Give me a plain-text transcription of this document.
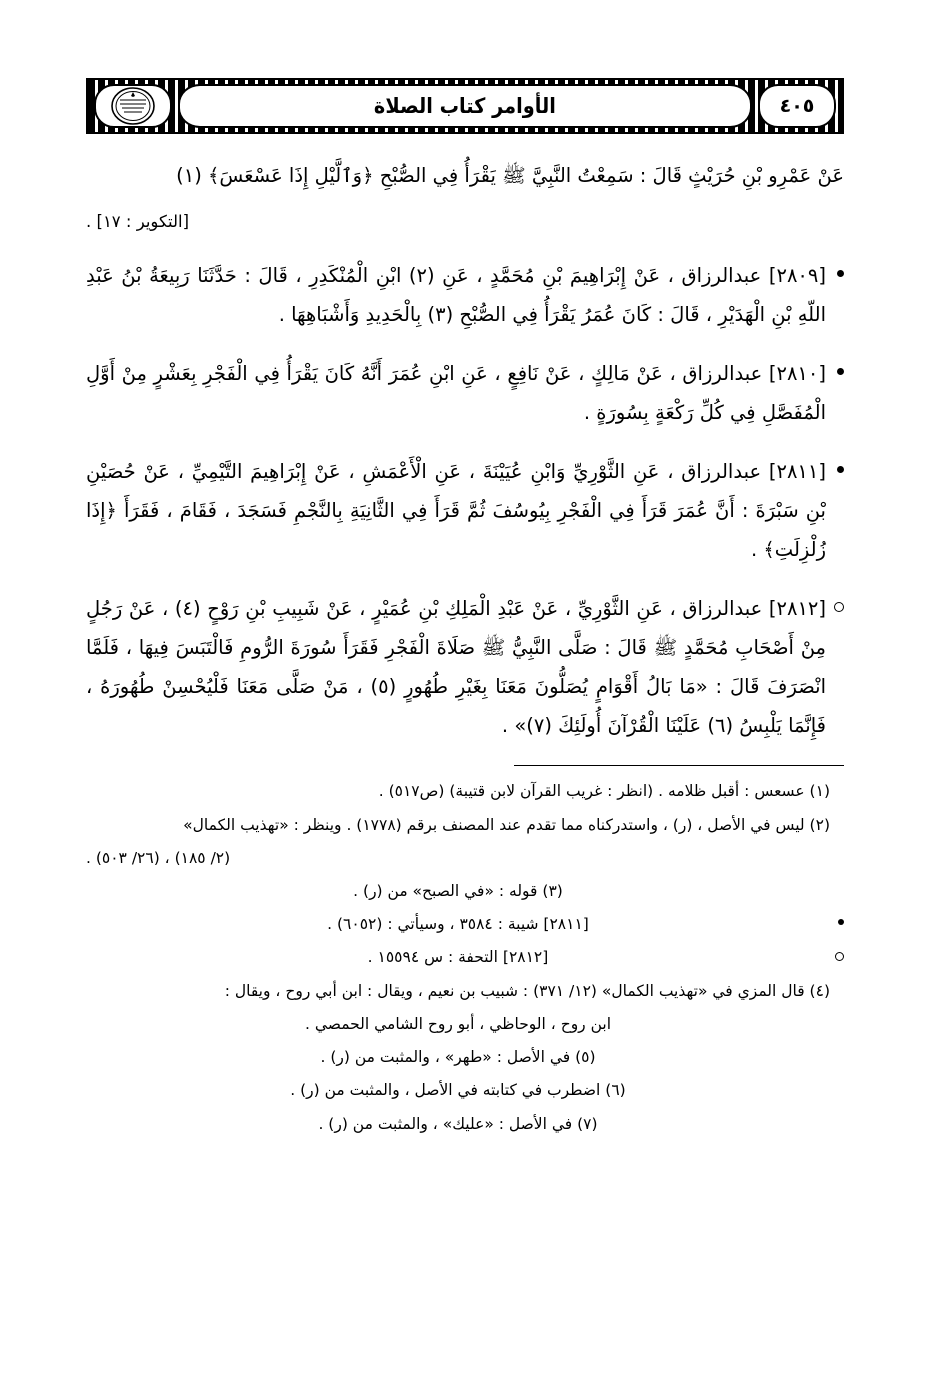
الأوامر كتاب الصلاة	٤٠٥

عَنْ عَمْرِو بْنِ حُرَيْثٍ قَالَ : سَمِعْتُ النَّبِيَّ ﷺ يَقْرَأُ فِي الصُّبْحِ ﴿وَٱلَّيْلِ إِذَا عَسْعَسَ﴾ (١)

[التكوير : ١٧] .

[٢٨٠٩] عبدالرزاق ، عَنْ إِبْرَاهِيمَ بْنِ مُحَمَّدٍ ، عَنِ (٢) ابْنِ الْمُنْكَدِرِ ، قَالَ : حَدَّثَنَا رَبِيعَةُ بْنُ عَبْدِ اللّهِ بْنِ الْهَدَيْرِ ، قَالَ : كَانَ عُمَرُ يَقْرَأُ فِي الصُّبْحِ (٣) بِالْحَدِيدِ وَأَشْبَاهِهَا .

[٢٨١٠] عبدالرزاق ، عَنْ مَالِكٍ ، عَنْ نَافِعٍ ، عَنِ ابْنِ عُمَرَ أَنَّهُ كَانَ يَقْرَأُ فِي الْفَجْرِ بِعَشْرٍ مِنْ أَوَّلِ الْمُفَصَّلِ فِي كُلِّ رَكْعَةٍ بِسُورَةٍ .

[٢٨١١] عبدالرزاق ، عَنِ الثَّوْرِيِّ وَابْنِ عُيَيْنَةَ ، عَنِ الْأَعْمَشِ ، عَنْ إِبْرَاهِيمَ التَّيْمِيِّ ، عَنْ حُصَيْنِ بْنِ سَبْرَةَ : أَنَّ عُمَرَ قَرَأَ فِي الْفَجْرِ بِيُوسُفَ ثُمَّ قَرَأَ فِي الثَّانِيَةِ بِالنَّجْمِ فَسَجَدَ ، فَقَامَ ، فَقَرَأَ ﴿إِذَا زُلْزِلَتِ﴾ .

[٢٨١٢] عبدالرزاق ، عَنِ الثَّوْرِيِّ ، عَنْ عَبْدِ الْمَلِكِ بْنِ عُمَيْرٍ ، عَنْ شَبِيبِ بْنِ رَوْحٍ (٤) ، عَنْ رَجُلٍ مِنْ أَصْحَابِ مُحَمَّدٍ ﷺ قَالَ : صَلَّى النَّبِيُّ ﷺ صَلَاةَ الْفَجْرِ فَقَرَأَ سُورَةَ الرُّومِ فَالْتَبَسَ فِيهَا ، فَلَمَّا انْصَرَفَ قَالَ : «مَا بَالُ أَقْوَامٍ يُصَلُّونَ مَعَنَا بِغَيْرِ طُهُورٍ (٥) ، مَنْ صَلَّى مَعَنَا فَلْيُحْسِنْ طُهُورَهُ ، فَإِنَّمَا يَلْبِسُ (٦) عَلَيْنَا الْقُرْآنَ أُولَئِكَ (٧)» .

(١) عسعس : أقبل ظلامه . (انظر : غريب القرآن لابن قتيبة) (ص٥١٧) .

(٢) ليس في الأصل ، (ر) ، واستدركناه مما تقدم عند المصنف برقم (١٧٧٨) . وينظر : «تهذيب الكمال»

(٢/ ١٨٥) ، (٢٦/ ٥٠٣) .

(٣) قوله : «في الصبح» من (ر) .

[٢٨١١] شيبة : ٣٥٨٤ ، وسيأتي : (٦٠٥٢) .

[٢٨١٢] التحفة : س ١٥٥٩٤ .

(٤) قال المزي في «تهذيب الكمال» (١٢/ ٣٧١) : شبيب بن نعيم ، ويقال : ابن أبي روح ، ويقال :

ابن روح ، الوحاظي ، أبو روح الشامي الحمصي .

(٥) في الأصل : «طهر» ، والمثبت من (ر) .

(٦) اضطرب في كتابته في الأصل ، والمثبت من (ر) .

(٧) في الأصل : «عليك» ، والمثبت من (ر) .
